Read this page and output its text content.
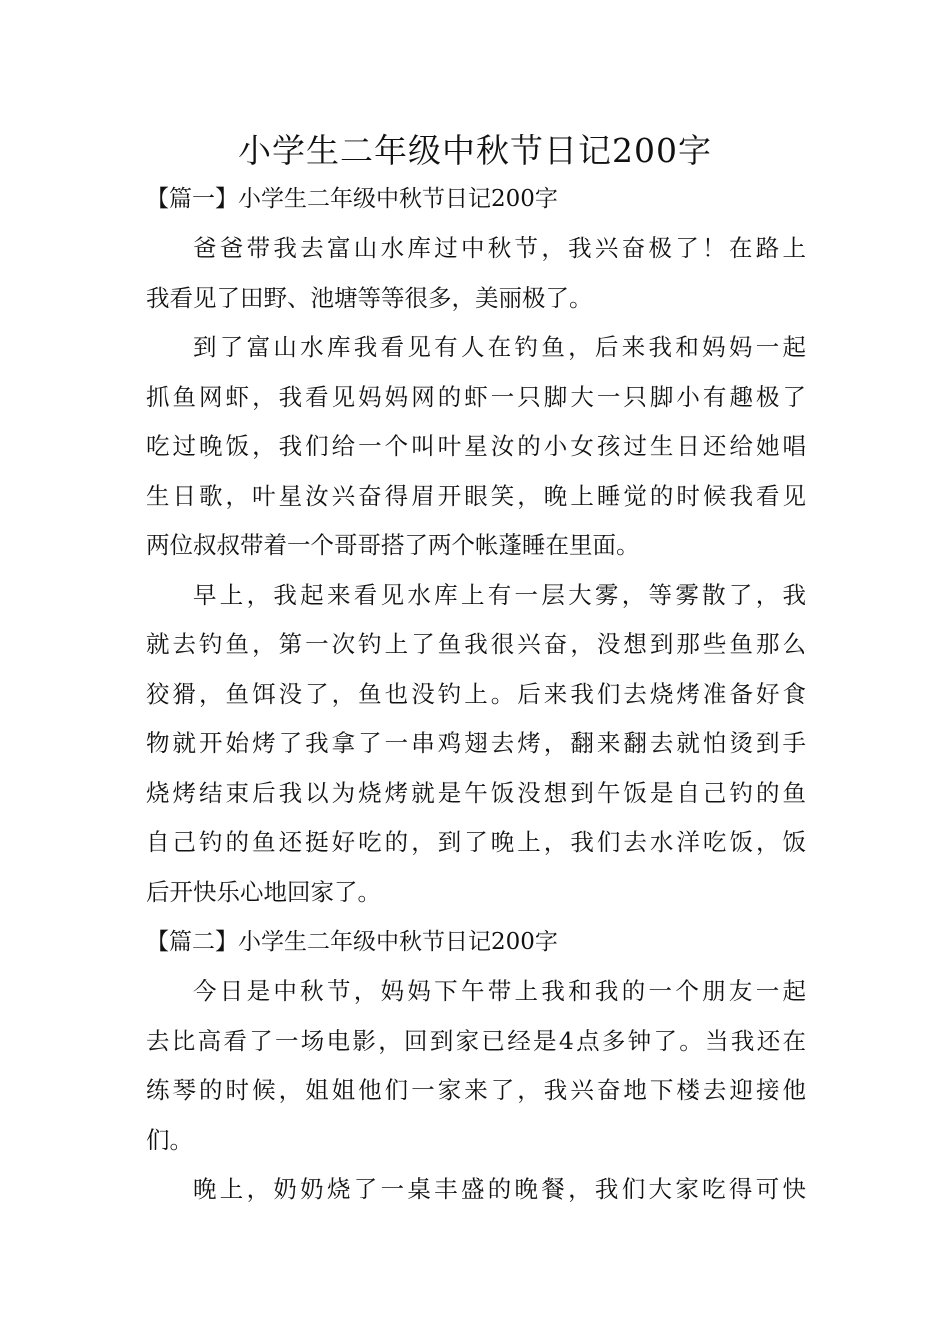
小学生二年级中秋节日记200字
【篇一】小学生二年级中秋节日记200字
爸爸带我去富山水库过中秋节，我兴奋极了！在路上
我看见了田野、池塘等等很多，美丽极了。
到了富山水库我看见有人在钓鱼，后来我和妈妈一起
抓鱼网虾，我看见妈妈网的虾一只脚大一只脚小有趣极了
吃过晚饭，我们给一个叫叶星汝的小女孩过生日还给她唱
生日歌，叶星汝兴奋得眉开眼笑，晚上睡觉的时候我看见
两位叔叔带着一个哥哥搭了两个帐蓬睡在里面。
早上，我起来看见水库上有一层大雾，等雾散了，我
就去钓鱼，第一次钓上了鱼我很兴奋，没想到那些鱼那么
狡猾，鱼饵没了，鱼也没钓上。后来我们去烧烤准备好食
物就开始烤了我拿了一串鸡翅去烤，翻来翻去就怕烫到手
烧烤结束后我以为烧烤就是午饭没想到午饭是自己钓的鱼
自己钓的鱼还挺好吃的，到了晚上，我们去水洋吃饭，饭
后开快乐心地回家了。
【篇二】小学生二年级中秋节日记200字
今日是中秋节，妈妈下午带上我和我的一个朋友一起
去比高看了一场电影，回到家已经是4点多钟了。当我还在
练琴的时候，姐姐他们一家来了，我兴奋地下楼去迎接他
们。
晚上，奶奶烧了一桌丰盛的晚餐，我们大家吃得可快
